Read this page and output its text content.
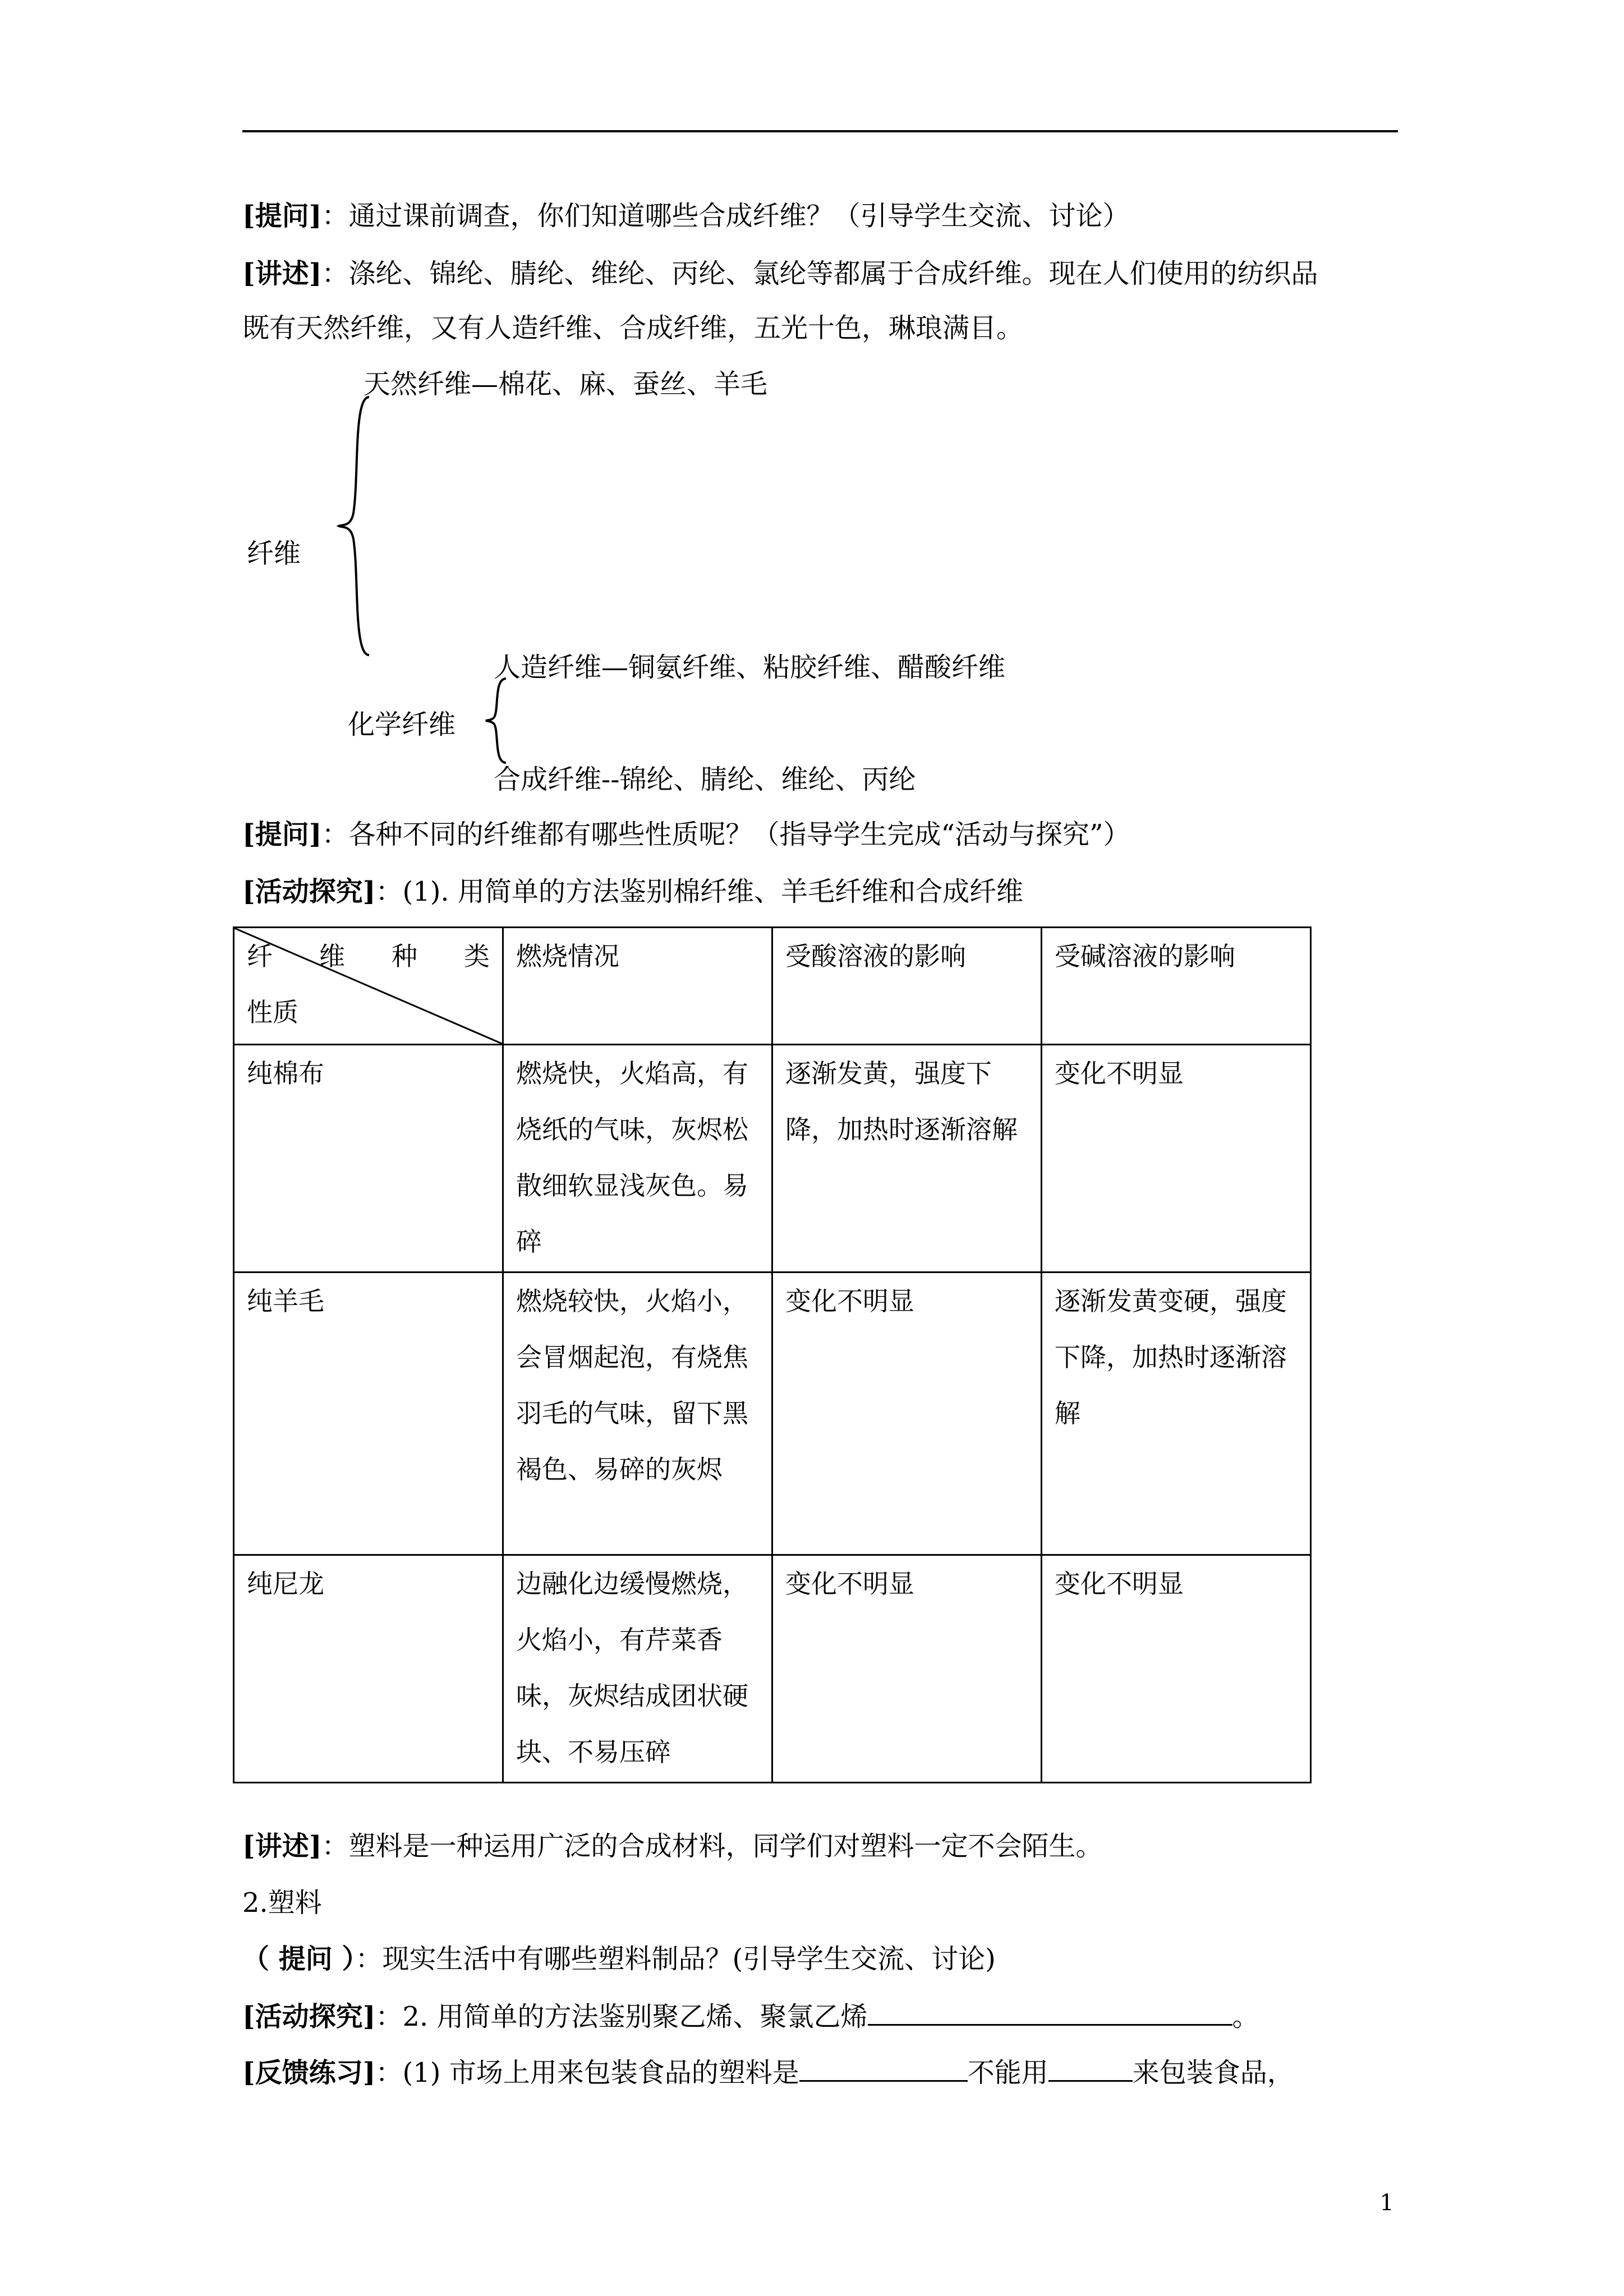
[提问]：通过课前调查，你们知道哪些合成纤维？（引导学生交流、讨论）
[讲述]：涤纶、锦纶、腈纶、维纶、丙纶、氯纶等都属于合成纤维。现在人们使用的纺织品
既有天然纤维，又有人造纤维、合成纤维，五光十色，琳琅满目。
天然纤维—棉花、麻、蚕丝、羊毛
纤维
人造纤维—铜氨纤维、粘胶纤维、醋酸纤维
化学纤维
合成纤维--锦纶、腈纶、维纶、丙纶
[提问]：各种不同的纤维都有哪些性质呢？（指导学生完成“活动与探究”）
[活动探究]：(1). 用简单的方法鉴别棉纤维、羊毛纤维和合成纤维
纤 维 种 类
性质	燃烧情况	受酸溶液的影响	受碱溶液的影响
纯棉布	燃烧快，火焰高，有烧纸的气味，灰烬松散细软显浅灰色。易碎	逐渐发黄，强度下降，加热时逐渐溶解	变化不明显
纯羊毛	燃烧较快，火焰小，会冒烟起泡，有烧焦羽毛的气味，留下黑褐色、易碎的灰烬	变化不明显	逐渐发黄变硬，强度下降，加热时逐渐溶解
纯尼龙	边融化边缓慢燃烧，火焰小，有芹菜香味，灰烬结成团状硬块、不易压碎	变化不明显	变化不明显
[讲述]：塑料是一种运用广泛的合成材料，同学们对塑料一定不会陌生。
2.塑料
（ 提问 ）：现实生活中有哪些塑料制品？(引导学生交流、讨论)
[活动探究]：2. 用简单的方法鉴别聚乙烯、聚氯乙烯	。
[反馈练习]：(1) 市场上用来包装食品的塑料是	不能用	来包装食品，
1
